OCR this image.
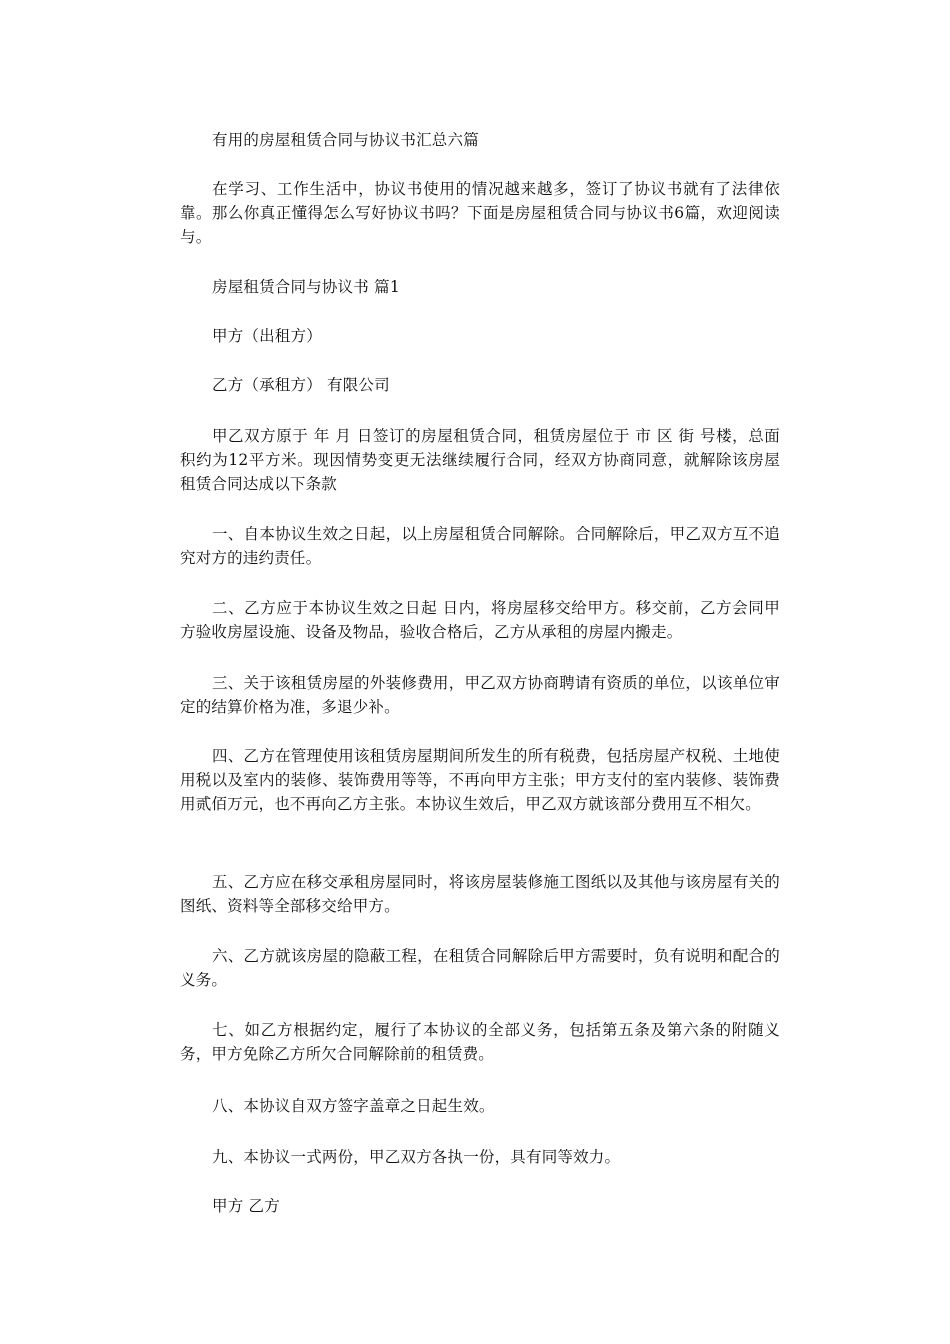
有用的房屋租赁合同与协议书汇总六篇

在学习、工作生活中，协议书使用的情况越来越多，签订了协议书就有了法律依靠。那么你真正懂得怎么写好协议书吗？下面是房屋租赁合同与协议书6篇，欢迎阅读与。

房屋租赁合同与协议书 篇1

甲方（出租方）

乙方（承租方） 有限公司

甲乙双方原于 年 月 日签订的房屋租赁合同，租赁房屋位于 市 区 街 号楼，总面积约为12平方米。现因情势变更无法继续履行合同，经双方协商同意，就解除该房屋租赁合同达成以下条款

一、自本协议生效之日起，以上房屋租赁合同解除。合同解除后，甲乙双方互不追究对方的违约责任。

二、乙方应于本协议生效之日起 日内，将房屋移交给甲方。移交前，乙方会同甲方验收房屋设施、设备及物品，验收合格后，乙方从承租的房屋内搬走。

三、关于该租赁房屋的外装修费用，甲乙双方协商聘请有资质的单位，以该单位审定的结算价格为准，多退少补。

四、乙方在管理使用该租赁房屋期间所发生的所有税费，包括房屋产权税、土地使用税以及室内的装修、装饰费用等等，不再向甲方主张；甲方支付的室内装修、装饰费用贰佰万元，也不再向乙方主张。本协议生效后，甲乙双方就该部分费用互不相欠。

五、乙方应在移交承租房屋同时，将该房屋装修施工图纸以及其他与该房屋有关的图纸、资料等全部移交给甲方。

六、乙方就该房屋的隐蔽工程，在租赁合同解除后甲方需要时，负有说明和配合的义务。

七、如乙方根据约定，履行了本协议的全部义务，包括第五条及第六条的附随义务，甲方免除乙方所欠合同解除前的租赁费。

八、本协议自双方签字盖章之日起生效。

九、本协议一式两份，甲乙双方各执一份，具有同等效力。

甲方 乙方
